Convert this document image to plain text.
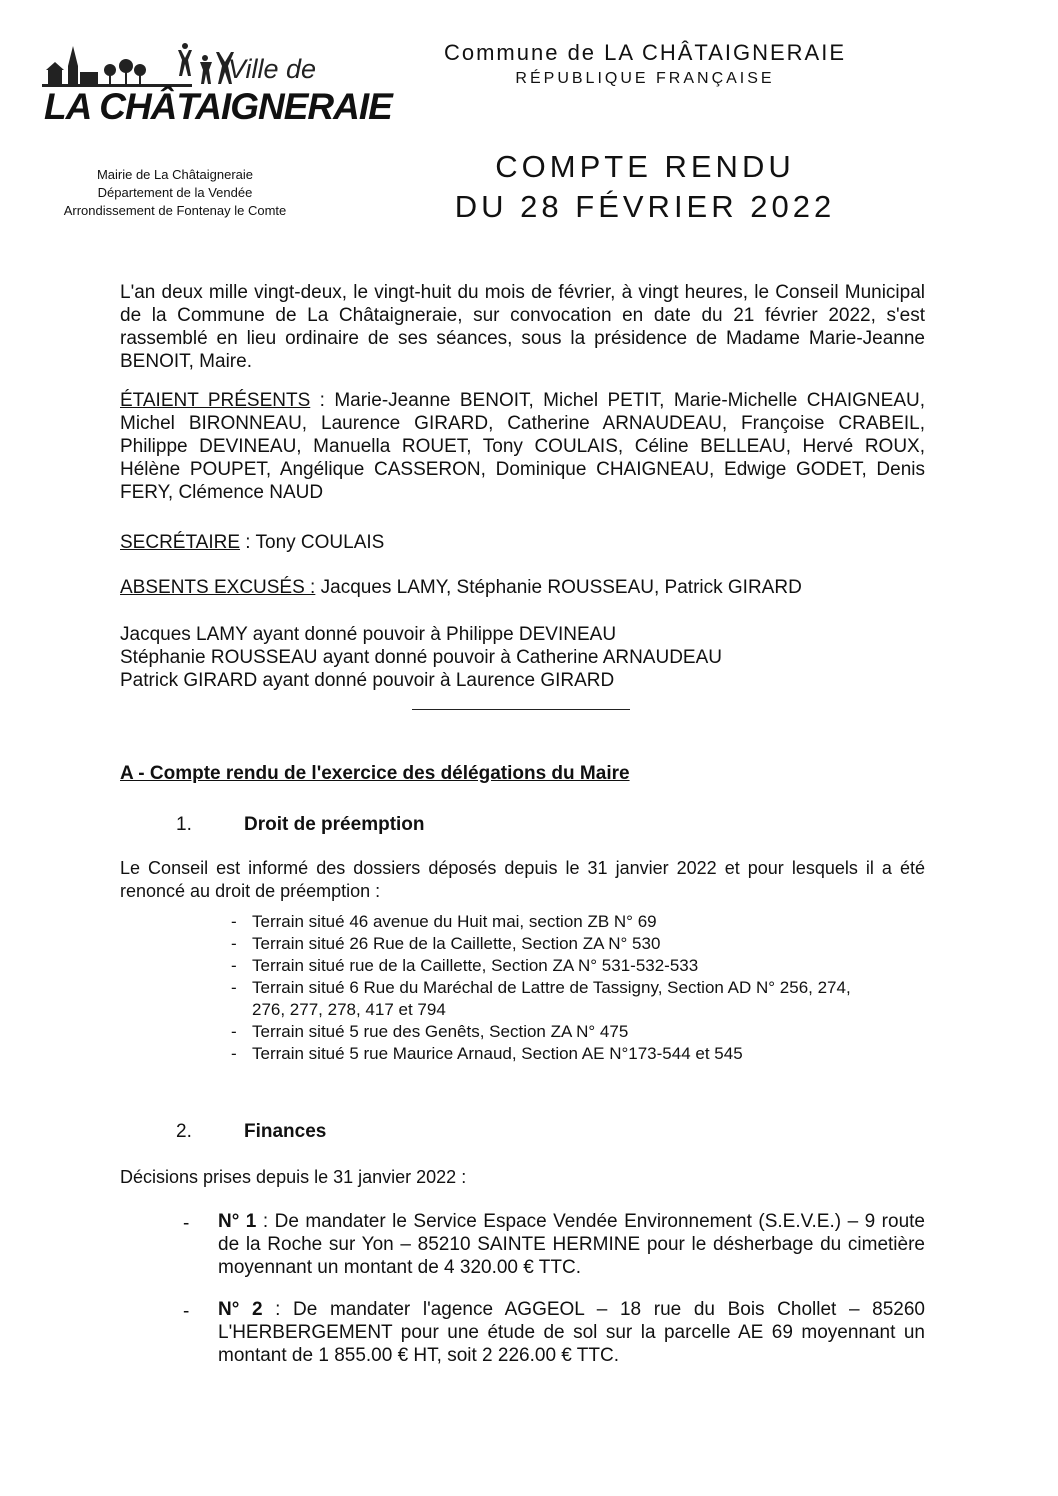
Ville de
LA CHÂTAIGNERAIE
Mairie de La Châtaigneraie
Département de la Vendée
Arrondissement de Fontenay le Comte
Commune de LA CHÂTAIGNERAIE
RÉPUBLIQUE FRANÇAISE
COMPTE RENDU
DU 28 FÉVRIER 2022
L'an deux mille vingt-deux, le vingt-huit du mois de février, à vingt heures, le Conseil Municipal de la Commune de La Châtaigneraie, sur convocation en date du 21 février 2022, s'est rassemblé en lieu ordinaire de ses séances, sous la présidence de Madame Marie-Jeanne BENOIT, Maire.
ÉTAIENT PRÉSENTS : Marie-Jeanne BENOIT, Michel PETIT, Marie-Michelle CHAIGNEAU, Michel BIRONNEAU, Laurence GIRARD, Catherine ARNAUDEAU, Françoise CRABEIL, Philippe DEVINEAU, Manuella ROUET, Tony COULAIS, Céline BELLEAU, Hervé ROUX, Hélène POUPET, Angélique CASSERON, Dominique CHAIGNEAU, Edwige GODET, Denis FERY, Clémence NAUD
SECRÉTAIRE : Tony COULAIS
ABSENTS EXCUSÉS : Jacques LAMY, Stéphanie ROUSSEAU, Patrick GIRARD
Jacques LAMY ayant donné pouvoir à Philippe DEVINEAU
Stéphanie ROUSSEAU ayant donné pouvoir à Catherine ARNAUDEAU
Patrick GIRARD ayant donné pouvoir à Laurence GIRARD
A - Compte rendu de l'exercice des délégations du Maire
1.	Droit de préemption
Le Conseil est informé des dossiers déposés depuis le 31 janvier 2022 et pour lesquels il a été renoncé au droit de préemption :
- Terrain situé 46 avenue du Huit mai, section ZB N° 69
- Terrain situé 26 Rue de la Caillette, Section ZA N° 530
- Terrain situé rue de la Caillette, Section ZA N° 531-532-533
- Terrain situé 6 Rue du Maréchal de Lattre de Tassigny, Section AD N° 256, 274, 276, 277, 278, 417 et 794
- Terrain situé 5 rue des Genêts, Section ZA N° 475
- Terrain situé 5 rue Maurice Arnaud, Section AE N°173-544 et 545
2.	Finances
Décisions prises depuis le 31 janvier 2022 :
- N° 1 : De mandater le Service Espace Vendée Environnement (S.E.V.E.) – 9 route de la Roche sur Yon – 85210 SAINTE HERMINE pour le désherbage du cimetière moyennant un montant de 4 320.00 € TTC.
- N° 2 : De mandater l'agence AGGEOL – 18 rue du Bois Chollet – 85260 L'HERBERGEMENT pour une étude de sol sur la parcelle AE 69 moyennant un montant de 1 855.00 € HT, soit 2 226.00 € TTC.
